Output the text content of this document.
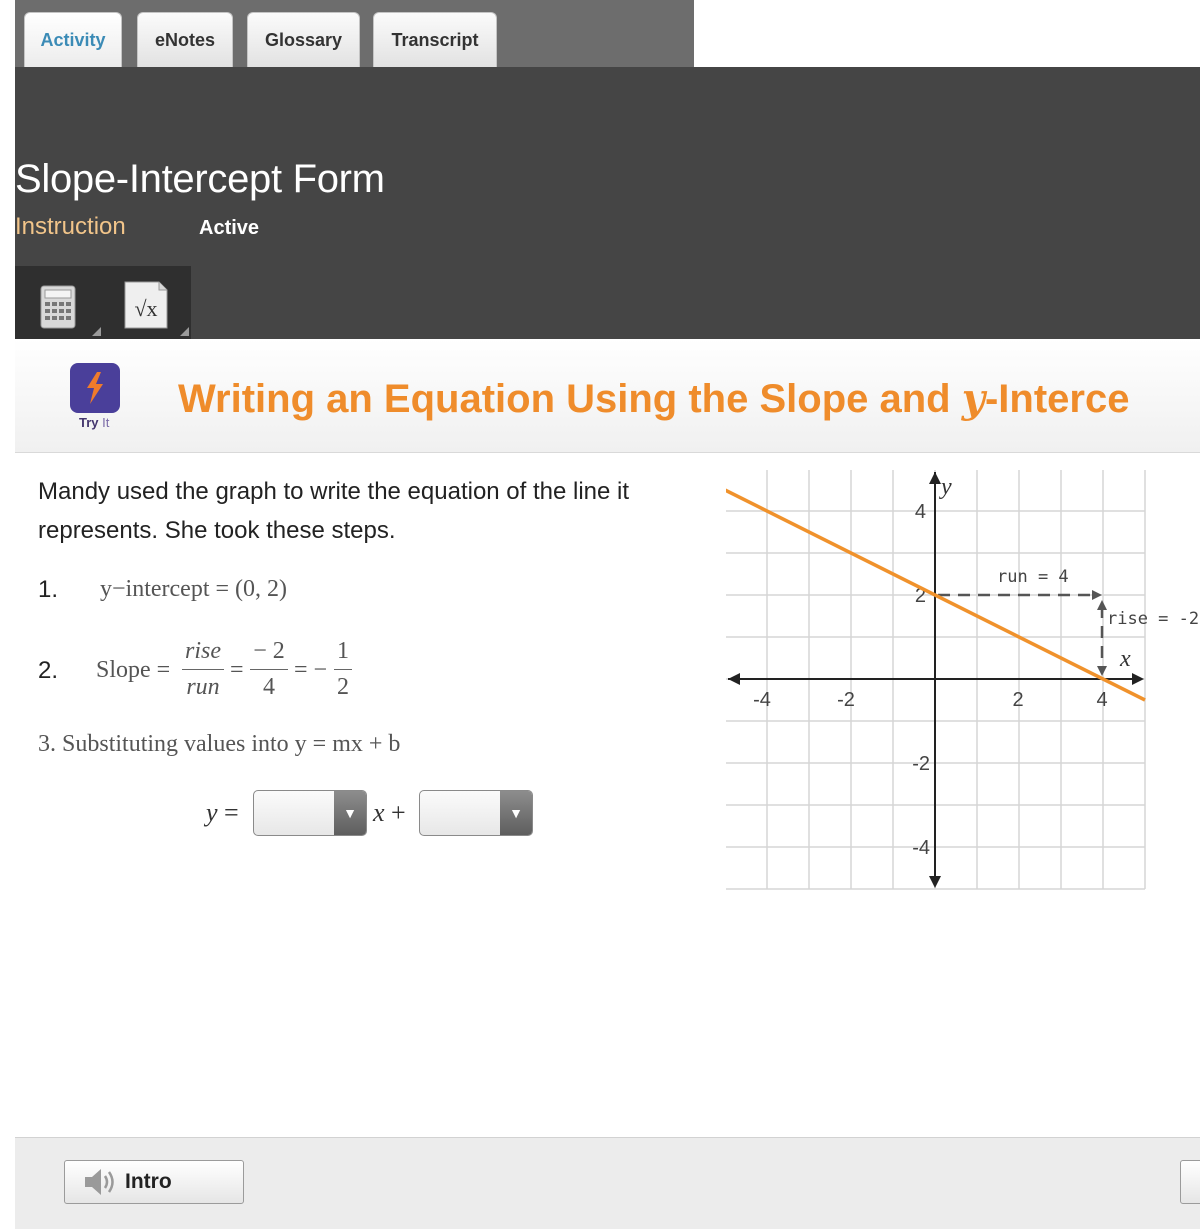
Activity	eNotes	Glossary	Transcript
Slope-Intercept Form
Instruction	Active
√x
Try It
Writing an Equation Using the Slope and y-Interce

Mandy used the graph to write the equation of the line it represents. She took these steps.

1. y−intercept = (0, 2)
2. Slope =
rise
run
=
− 2
4
= −
1
2
3. Substituting values into y = mx + b
y =	▼ x +	▼
y
-4	-2	2	4
4
2
-2
-4
run = 4
rise = -2
x
Intro
